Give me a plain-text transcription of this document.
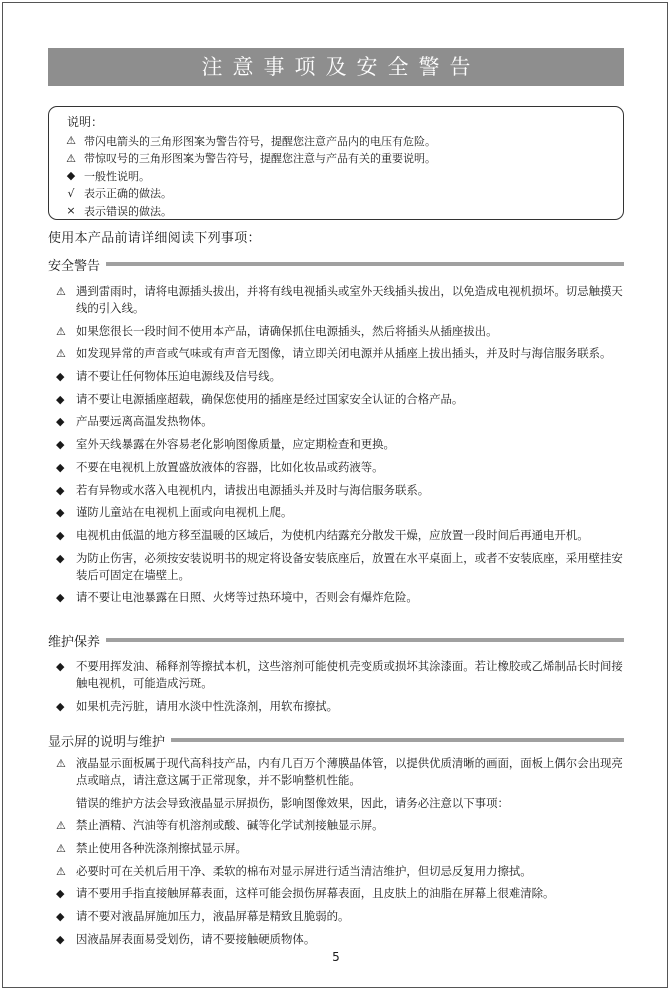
注意事项及安全警告
说明：
⚠ 带闪电箭头的三角形图案为警告符号，提醒您注意产品内的电压有危险。
⚠ 带惊叹号的三角形图案为警告符号，提醒您注意与产品有关的重要说明。
◆ 一般性说明。
√ 表示正确的做法。
× 表示错误的做法。
使用本产品前请详细阅读下列事项：
安全警告
⚠ 遇到雷雨时，请将电源插头拔出，并将有线电视插头或室外天线插头拔出，以免造成电视机损坏。切忌触摸天线的引入线。
⚠ 如果您很长一段时间不使用本产品，请确保抓住电源插头，然后将插头从插座拔出。
⚠ 如发现异常的声音或气味或有声音无图像，请立即关闭电源并从插座上拔出插头，并及时与海信服务联系。
◆	请不要让任何物体压迫电源线及信号线。
◆	请不要让电源插座超载，确保您使用的插座是经过国家安全认证的合格产品。
◆	产品要远离高温发热物体。
◆	室外天线暴露在外容易老化影响图像质量，应定期检查和更换。
◆	不要在电视机上放置盛放液体的容器，比如化妆品或药液等。
◆	若有异物或水落入电视机内，请拔出电源插头并及时与海信服务联系。
◆	谨防儿童站在电视机上面或向电视机上爬。
◆	电视机由低温的地方移至温暖的区域后，为使机内结露充分散发干燥，应放置一段时间后再通电开机。
◆	为防止伤害，必须按安装说明书的规定将设备安装底座后，放置在水平桌面上，或者不安装底座，采用壁挂安装后可固定在墙壁上。
◆	请不要让电池暴露在日照、火烤等过热环境中，否则会有爆炸危险。
维护保养
◆	不要用挥发油、稀释剂等擦拭本机，这些溶剂可能使机壳变质或损坏其涂漆面。若让橡胶或乙烯制品长时间接触电视机，可能造成污斑。
◆	如果机壳污脏，请用水淡中性洗涤剂，用软布擦拭。
显示屏的说明与维护
⚠ 液晶显示面板属于现代高科技产品，内有几百万个薄膜晶体管，以提供优质清晰的画面，面板上偶尔会出现亮点或暗点，请注意这属于正常现象，并不影响整机性能。
错误的维护方法会导致液晶显示屏损伤，影响图像效果，因此，请务必注意以下事项：
⚠ 禁止酒精、汽油等有机溶剂或酸、碱等化学试剂接触显示屏。
⚠ 禁止使用各种洗涤剂擦拭显示屏。
⚠ 必要时可在关机后用干净、柔软的棉布对显示屏进行适当清洁维护，但切忌反复用力擦拭。
◆	请不要用手指直接触屏幕表面，这样可能会损伤屏幕表面，且皮肤上的油脂在屏幕上很难清除。
◆	请不要对液晶屏施加压力，液晶屏幕是精致且脆弱的。
◆	因液晶屏表面易受划伤，请不要接触硬质物体。
5
